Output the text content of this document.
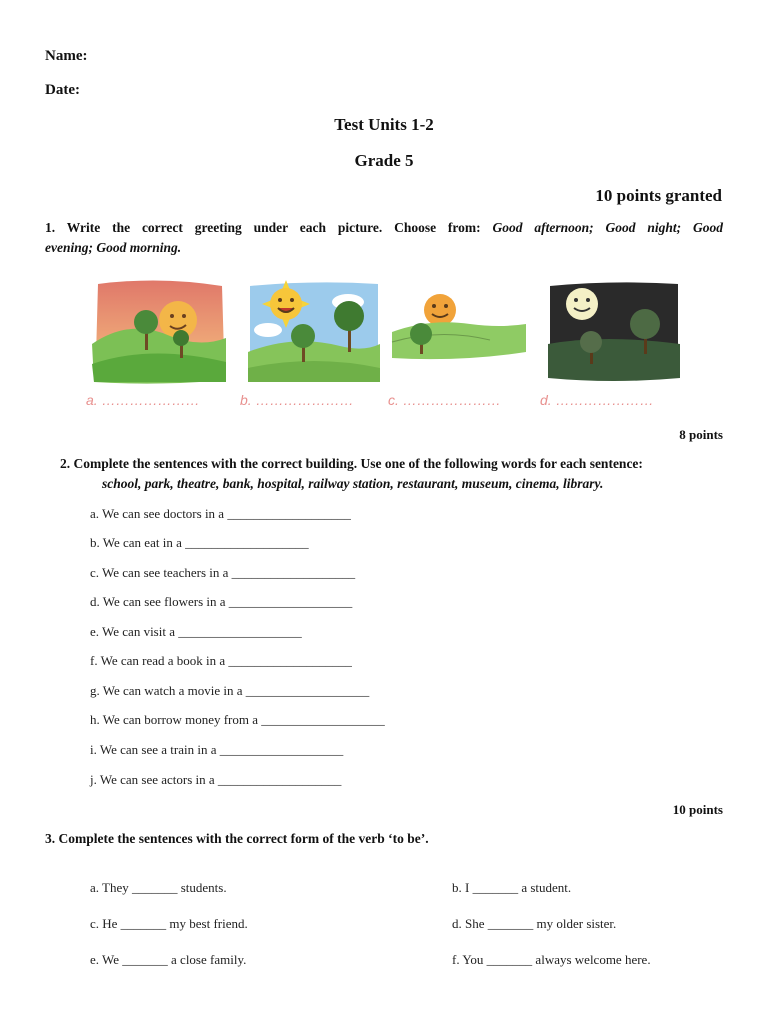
Name:
Date:
Test Units 1-2
Grade 5
10 points granted
1. Write the correct greeting under each picture. Choose from: Good afternoon; Good night; Good
evening; Good morning.
a. …………………	b. ………………… c. …………………	d. …………………
8 points
2. Complete the sentences with the correct building. Use one of the following words for each sentence:
school, park, theatre, bank, hospital, railway station, restaurant, museum, cinema, library.
a. We can see doctors in a ___________________
b. We can eat in a ___________________
c. We can see teachers in a ___________________
d. We can see flowers in a ___________________
e. We can visit a ___________________
f. We can read a book in a ___________________
g. We can watch a movie in a ___________________
h. We can borrow money from a ___________________
i. We can see a train in a ___________________
j. We can see actors in a ___________________
10 points
3. Complete the sentences with the correct form of the verb ‘to be’.
a. They _______ students.
c. He _______ my best friend.
e. We _______ a close family.
b. I _______ a student.
d. She _______ my older sister.
f. You _______ always welcome here.
